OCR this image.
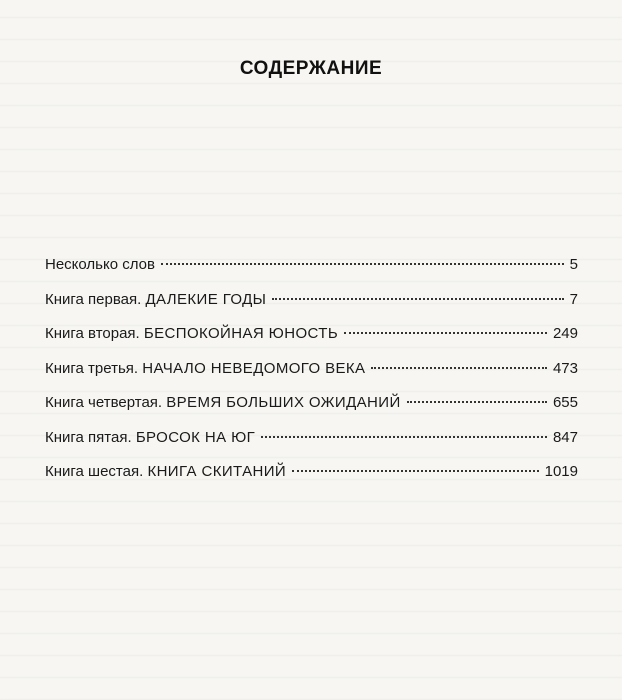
СОДЕРЖАНИЕ
Несколько слов	5
Книга первая. ДАЛЕКИЕ ГОДЫ	7
Книга вторая. БЕСПОКОЙНАЯ ЮНОСТЬ	249
Книга третья. НАЧАЛО НЕВЕДОМОГО ВЕКА	473
Книга четвертая. ВРЕМЯ БОЛЬШИХ ОЖИДАНИЙ	655
Книга пятая. БРОСОК НА ЮГ	847
Книга шестая. КНИГА СКИТАНИЙ	1019
